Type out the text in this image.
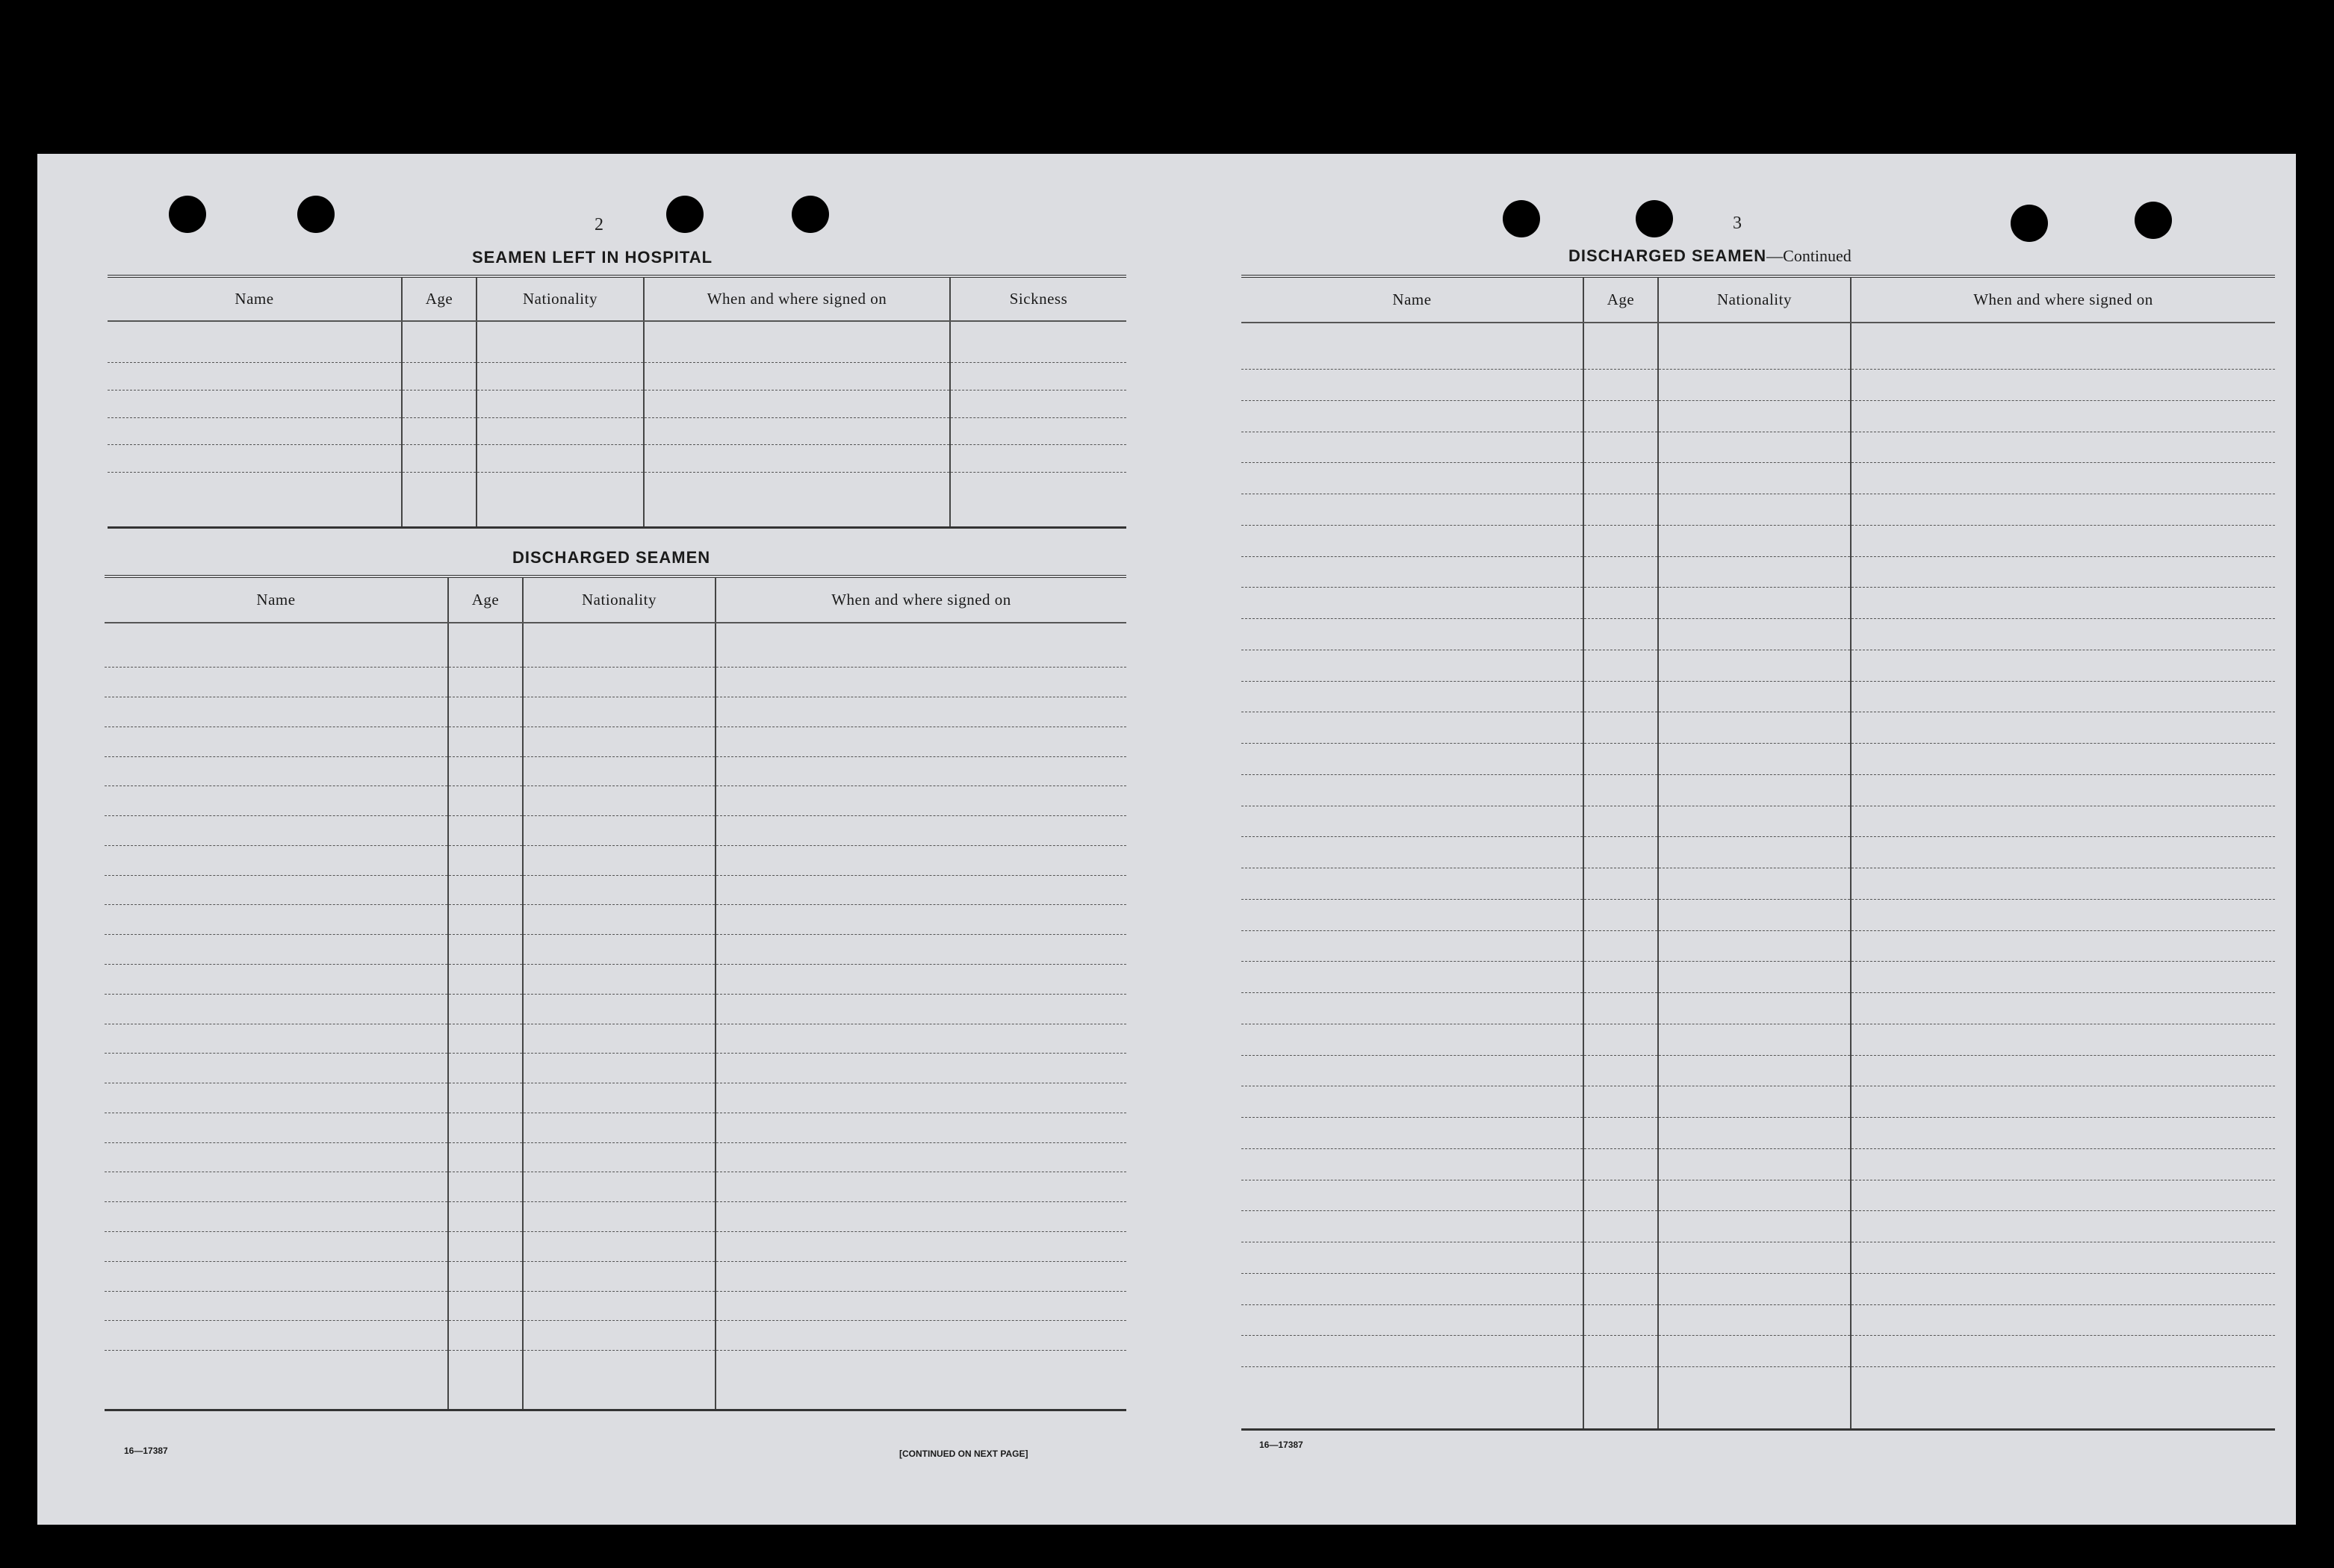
2
SEAMEN LEFT IN HOSPITAL
Name	Age	Nationality	When and where signed on	Sickness

DISCHARGED SEAMEN
Name	Age	Nationality	When and where signed on

16—17387	[CONTINUED ON NEXT PAGE]
3
DISCHARGED SEAMEN—Continued
Name	Age	Nationality	When and where signed on

16—17387
